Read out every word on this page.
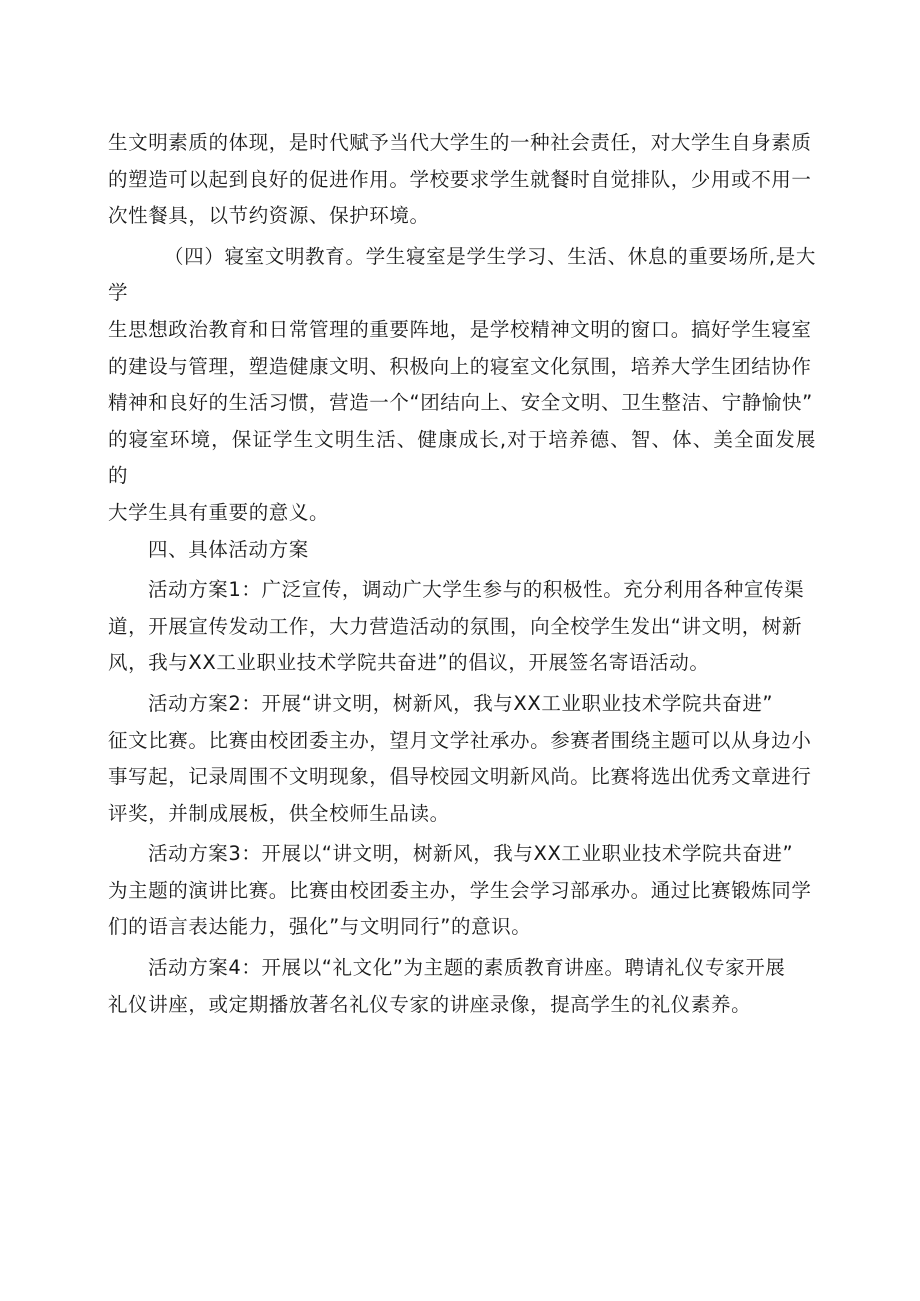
生文明素质的体现，是时代赋予当代大学生的一种社会责任，对大学生自身素质
的塑造可以起到良好的促进作用。学校要求学生就餐时自觉排队，少用或不用一
次性餐具，以节约资源、保护环境。

（四）寝室文明教育。学生寝室是学生学习、生活、休息的重要场所,是大学
生思想政治教育和日常管理的重要阵地，是学校精神文明的窗口。搞好学生寝室
的建设与管理，塑造健康文明、积极向上的寝室文化氛围，培养大学生团结协作
精神和良好的生活习惯，营造一个“团结向上、安全文明、卫生整洁、宁静愉快”
的寝室环境，保证学生文明生活、健康成长,对于培养德、智、体、美全面发展的
大学生具有重要的意义。

四、具体活动方案

活动方案1：广泛宣传，调动广大学生参与的积极性。充分利用各种宣传渠
道，开展宣传发动工作，大力营造活动的氛围，向全校学生发出“讲文明，树新
风，我与XX工业职业技术学院共奋进”的倡议，开展签名寄语活动。

活动方案2：开展“讲文明，树新风，我与XX工业职业技术学院共奋进”
征文比赛。比赛由校团委主办，望月文学社承办。参赛者围绕主题可以从身边小
事写起，记录周围不文明现象，倡导校园文明新风尚。比赛将选出优秀文章进行
评奖，并制成展板，供全校师生品读。

活动方案3：开展以“讲文明，树新风，我与XX工业职业技术学院共奋进”
为主题的演讲比赛。比赛由校团委主办，学生会学习部承办。通过比赛锻炼同学
们的语言表达能力，强化”与文明同行”的意识。

活动方案4：开展以“礼文化”为主题的素质教育讲座。聘请礼仪专家开展
礼仪讲座，或定期播放著名礼仪专家的讲座录像，提高学生的礼仪素养。
